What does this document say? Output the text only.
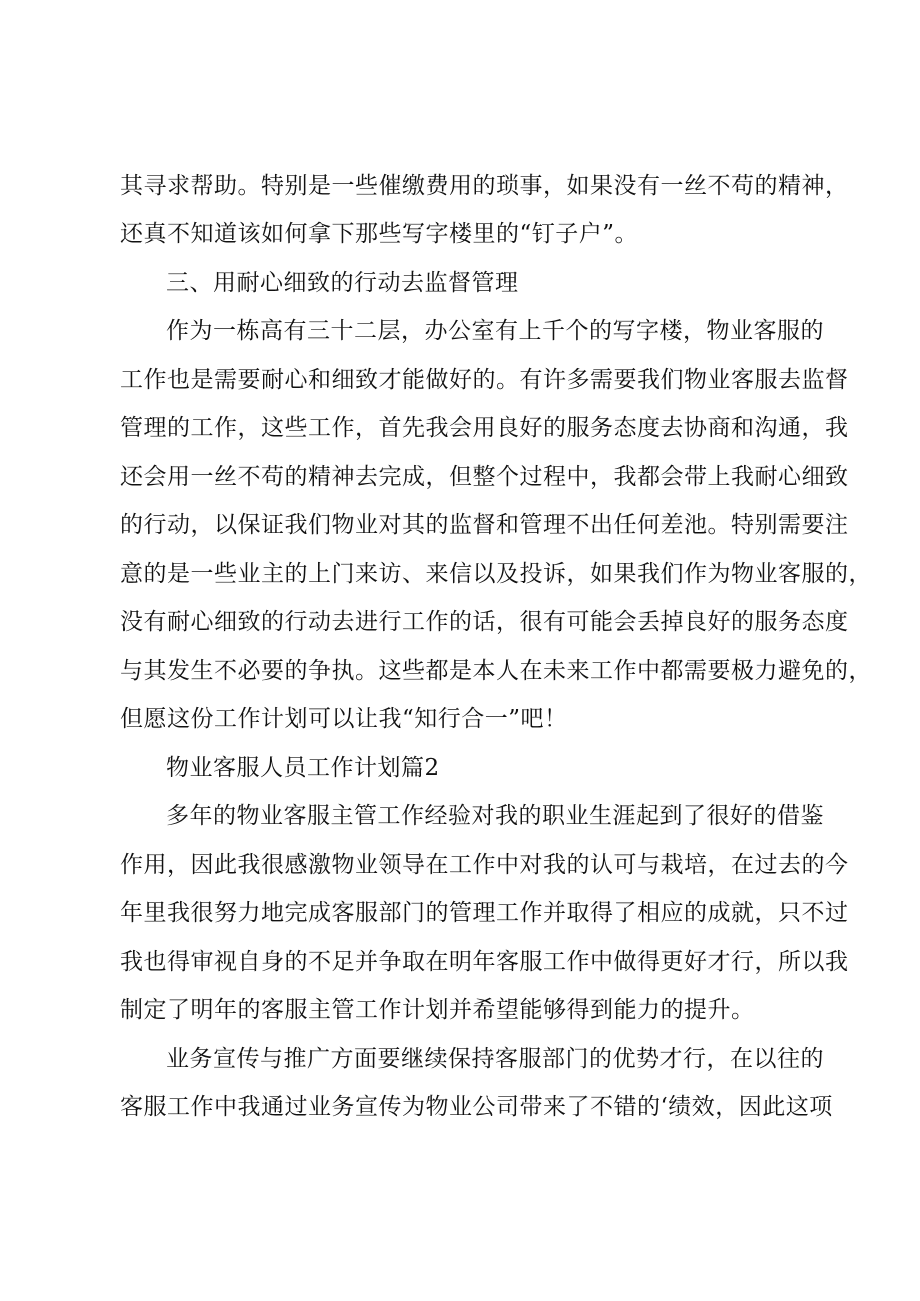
其寻求帮助。特别是一些催缴费用的琐事，如果没有一丝不苟的精神，
还真不知道该如何拿下那些写字楼里的“钉子户”。
三、用耐心细致的行动去监督管理
作为一栋高有三十二层，办公室有上千个的写字楼，物业客服的
工作也是需要耐心和细致才能做好的。有许多需要我们物业客服去监督
管理的工作，这些工作，首先我会用良好的服务态度去协商和沟通，我
还会用一丝不苟的精神去完成，但整个过程中，我都会带上我耐心细致
的行动，以保证我们物业对其的监督和管理不出任何差池。特别需要注
意的是一些业主的上门来访、来信以及投诉，如果我们作为物业客服的，
没有耐心细致的行动去进行工作的话，很有可能会丢掉良好的服务态度
与其发生不必要的争执。这些都是本人在未来工作中都需要极力避免的，
但愿这份工作计划可以让我“知行合一”吧！
物业客服人员工作计划篇2
多年的物业客服主管工作经验对我的职业生涯起到了很好的借鉴
作用，因此我很感激物业领导在工作中对我的认可与栽培，在过去的今
年里我很努力地完成客服部门的管理工作并取得了相应的成就，只不过
我也得审视自身的不足并争取在明年客服工作中做得更好才行，所以我
制定了明年的客服主管工作计划并希望能够得到能力的提升。
业务宣传与推广方面要继续保持客服部门的优势才行，在以往的
客服工作中我通过业务宣传为物业公司带来了不错的‘绩效，因此这项
